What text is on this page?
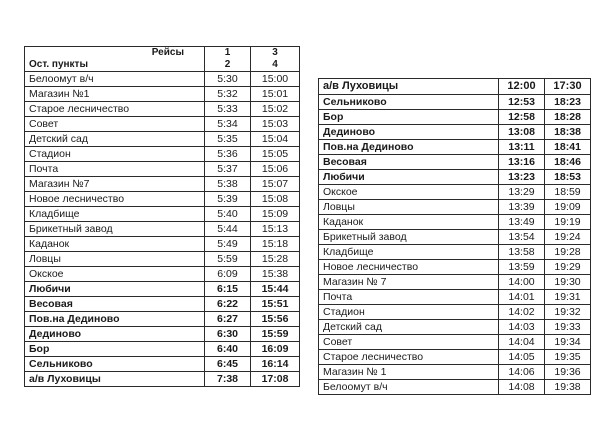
Рейсы	1	3
Ост. пункты	2	4
Белоомут в/ч	5:30	15:00
Магазин №1	5:32	15:01
Старое лесничество	5:33	15:02
Совет	5:34	15:03
Детский сад	5:35	15:04
Стадион	5:36	15:05
Почта	5:37	15:06
Магазин №7	5:38	15:07
Новое лесничество	5:39	15:08
Кладбище	5:40	15:09
Брикетный завод	5:44	15:13
Каданок	5:49	15:18
Ловцы	5:59	15:28
Окское	6:09	15:38
Любичи	6:15	15:44
Весовая	6:22	15:51
Пов.на Дединово	6:27	15:56
Дединово	6:30	15:59
Бор	6:40	16:09
Сельниково	6:45	16:14
а/в Луховицы	7:38	17:08
а/в Луховицы	12:00	17:30
Сельниково	12:53	18:23
Бор	12:58	18:28
Дединово	13:08	18:38
Пов.на Дединово	13:11	18:41
Весовая	13:16	18:46
Любичи	13:23	18:53
Окское	13:29	18:59
Ловцы	13:39	19:09
Каданок	13:49	19:19
Брикетный завод	13:54	19:24
Кладбище	13:58	19:28
Новое лесничество	13:59	19:29
Магазин № 7	14:00	19:30
Почта	14:01	19:31
Стадион	14:02	19:32
Детский сад	14:03	19:33
Совет	14:04	19:34
Старое лесничество	14:05	19:35
Магазин № 1	14:06	19:36
Белоомут в/ч	14:08	19:38
